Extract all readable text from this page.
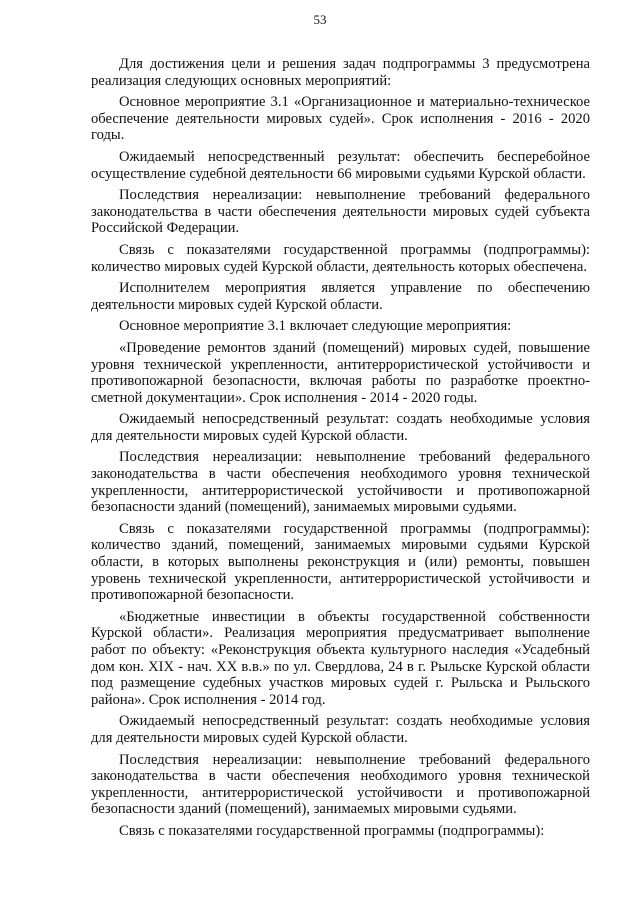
53

Для достижения цели и решения задач подпрограммы 3 предусмотрена реализация следующих основных мероприятий:

Основное мероприятие 3.1 «Организационное и материально-техническое обеспечение деятельности мировых судей». Срок исполнения - 2016 - 2020 годы.

Ожидаемый непосредственный результат: обеспечить бесперебойное осуществление судебной деятельности 66 мировыми судьями Курской области.

Последствия нереализации: невыполнение требований федерального законодательства в части обеспечения деятельности мировых судей субъекта Российской Федерации.

Связь с показателями государственной программы (подпрограммы): количество мировых судей Курской области, деятельность которых обеспечена.

Исполнителем мероприятия является управление по обеспечению деятельности мировых судей Курской области.

Основное мероприятие 3.1 включает следующие мероприятия:

«Проведение ремонтов зданий (помещений) мировых судей, повышение уровня технической укрепленности, антитеррористической устойчивости и противопожарной безопасности, включая работы по разработке проектно-сметной документации». Срок исполнения - 2014 - 2020 годы.

Ожидаемый непосредственный результат: создать необходимые условия для деятельности мировых судей Курской области.

Последствия нереализации: невыполнение требований федерального законодательства в части обеспечения необходимого уровня технической укрепленности, антитеррористической устойчивости и противопожарной безопасности зданий (помещений), занимаемых мировыми судьями.

Связь с показателями государственной программы (подпрограммы): количество зданий, помещений, занимаемых мировыми судьями Курской области, в которых выполнены реконструкция и (или) ремонты, повышен уровень технической укрепленности, антитеррористической устойчивости и противопожарной безопасности.

«Бюджетные инвестиции в объекты государственной собственности Курской области». Реализация мероприятия предусматривает выполнение работ по объекту: «Реконструкция объекта культурного наследия «Усадебный дом кон. XIX - нач. XX в.в.» по ул. Свердлова, 24 в г. Рыльске Курской области под размещение судебных участков мировых судей г. Рыльска и Рыльского района». Срок исполнения - 2014 год.

Ожидаемый непосредственный результат: создать необходимые условия для деятельности мировых судей Курской области.

Последствия нереализации: невыполнение требований федерального законодательства в части обеспечения необходимого уровня технической укрепленности, антитеррористической устойчивости и противопожарной безопасности зданий (помещений), занимаемых мировыми судьями.

Связь с показателями государственной программы (подпрограммы):
